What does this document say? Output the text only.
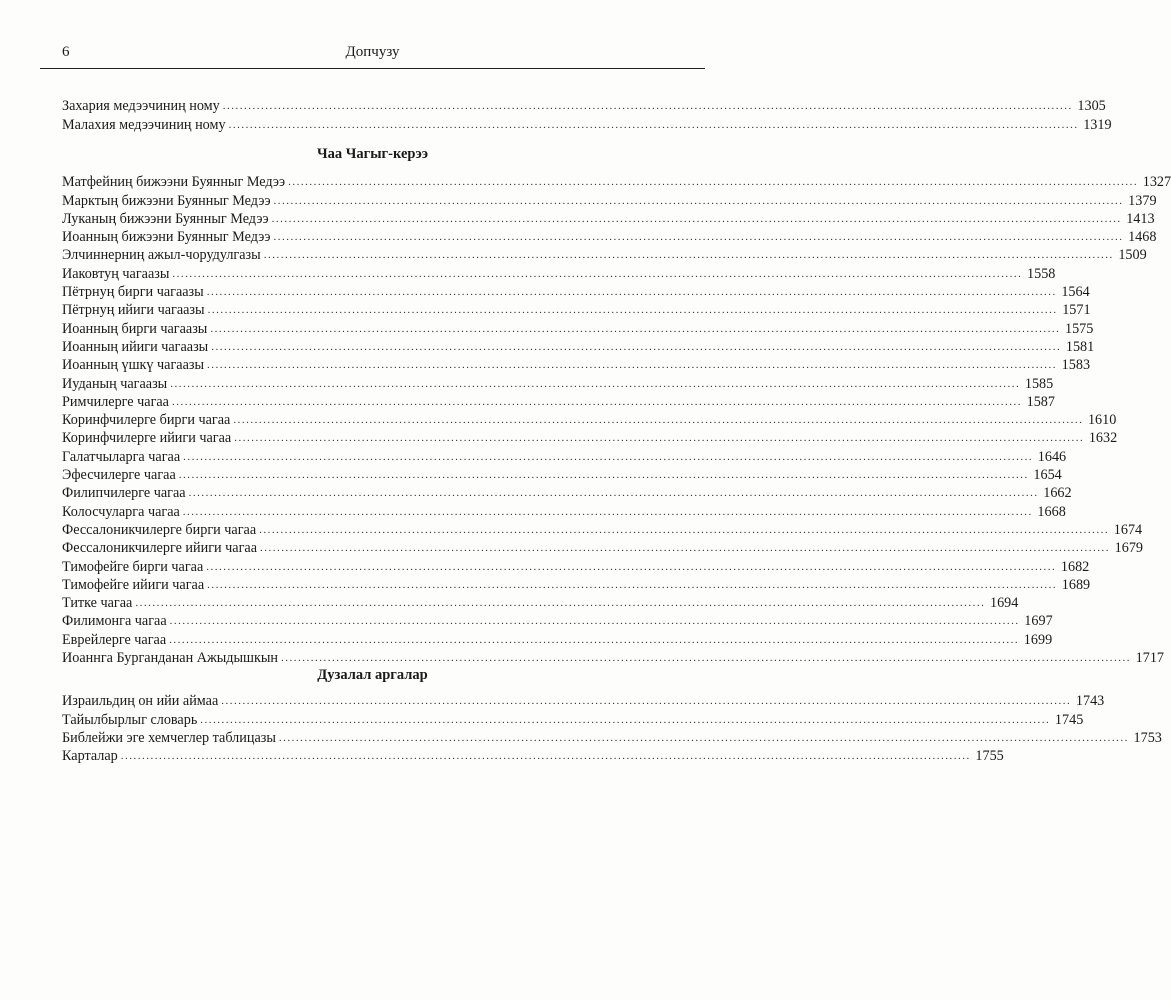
6	Допчузу
Захария медээчиниң ному ........................................................................................................................................................................................................ 1305
Малахия медээчиниң ному ........................................................................................................................................................................................................ 1319
Чаа Чагыг-керээ
Матфейниң бижээни Буянныг Медээ ........................................................................................................................................................................................................ 1327
Марктың бижээни Буянныг Медээ ........................................................................................................................................................................................................ 1379
Луканың бижээни Буянныг Медээ ........................................................................................................................................................................................................ 1413
Иоанның бижээни Буянныг Медээ ........................................................................................................................................................................................................ 1468
Элчиннерниң ажыл-чорудулгазы ........................................................................................................................................................................................................ 1509
Иаковтуң чагаазы ........................................................................................................................................................................................................ 1558
Пётрнуң бирги чагаазы ........................................................................................................................................................................................................ 1564
Пётрнуң ийиги чагаазы ........................................................................................................................................................................................................ 1571
Иоанның бирги чагаазы ........................................................................................................................................................................................................ 1575
Иоанның ийиги чагаазы ........................................................................................................................................................................................................ 1581
Иоанның үшкү чагаазы ........................................................................................................................................................................................................ 1583
Иуданың чагаазы ........................................................................................................................................................................................................ 1585
Римчилерге чагаа ........................................................................................................................................................................................................ 1587
Коринфчилерге бирги чагаа ........................................................................................................................................................................................................ 1610
Коринфчилерге ийиги чагаа ........................................................................................................................................................................................................ 1632
Галатчыларга чагаа ........................................................................................................................................................................................................ 1646
Эфесчилерге чагаа ........................................................................................................................................................................................................ 1654
Филипчилерге чагаа ........................................................................................................................................................................................................ 1662
Колосчуларга чагаа ........................................................................................................................................................................................................ 1668
Фессалоникчилерге бирги чагаа ........................................................................................................................................................................................................ 1674
Фессалоникчилерге ийиги чагаа ........................................................................................................................................................................................................ 1679
Тимофейге бирги чагаа ........................................................................................................................................................................................................ 1682
Тимофейге ийиги чагаа ........................................................................................................................................................................................................ 1689
Титке чагаа ........................................................................................................................................................................................................ 1694
Филимонга чагаа ........................................................................................................................................................................................................ 1697
Еврейлерге чагаа ........................................................................................................................................................................................................ 1699
Иоаннга Бурганданан Ажыдышкын ........................................................................................................................................................................................................ 1717
Дузалал аргалар
Израильдиң он ийи аймаа ........................................................................................................................................................................................................ 1743
Тайылбырлыг словарь ........................................................................................................................................................................................................ 1745
Библейжи эге хемчеглер таблицазы ........................................................................................................................................................................................................ 1753
Карталар ........................................................................................................................................................................................................ 1755
